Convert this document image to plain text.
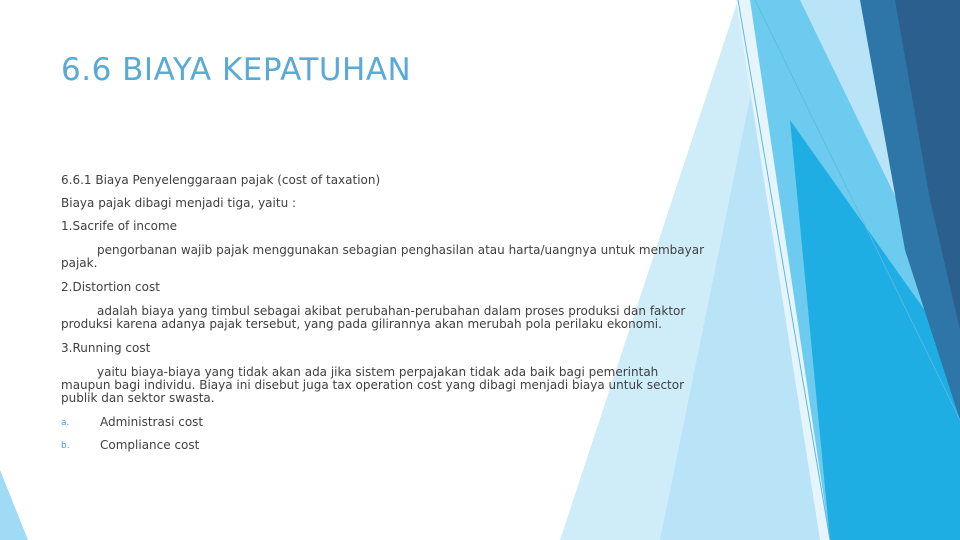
6.6 BIAYA KEPATUHAN
6.6.1 Biaya Penyelenggaraan pajak (cost of taxation)
Biaya pajak dibagi menjadi tiga, yaitu :
1.Sacrife of income
pengorbanan wajib pajak menggunakan sebagian penghasilan atau harta/uangnya untuk membayar
pajak.
2.Distortion cost
adalah biaya yang timbul sebagai akibat perubahan-perubahan dalam proses produksi dan faktor
produksi karena adanya pajak tersebut, yang pada gilirannya akan merubah pola perilaku ekonomi.
3.Running cost
yaitu biaya-biaya yang tidak akan ada jika sistem perpajakan tidak ada baik bagi pemerintah
maupun bagi individu. Biaya ini disebut juga tax operation cost yang dibagi menjadi biaya untuk sector
publik dan sektor swasta.
a.	Administrasi cost
b.	Compliance cost
